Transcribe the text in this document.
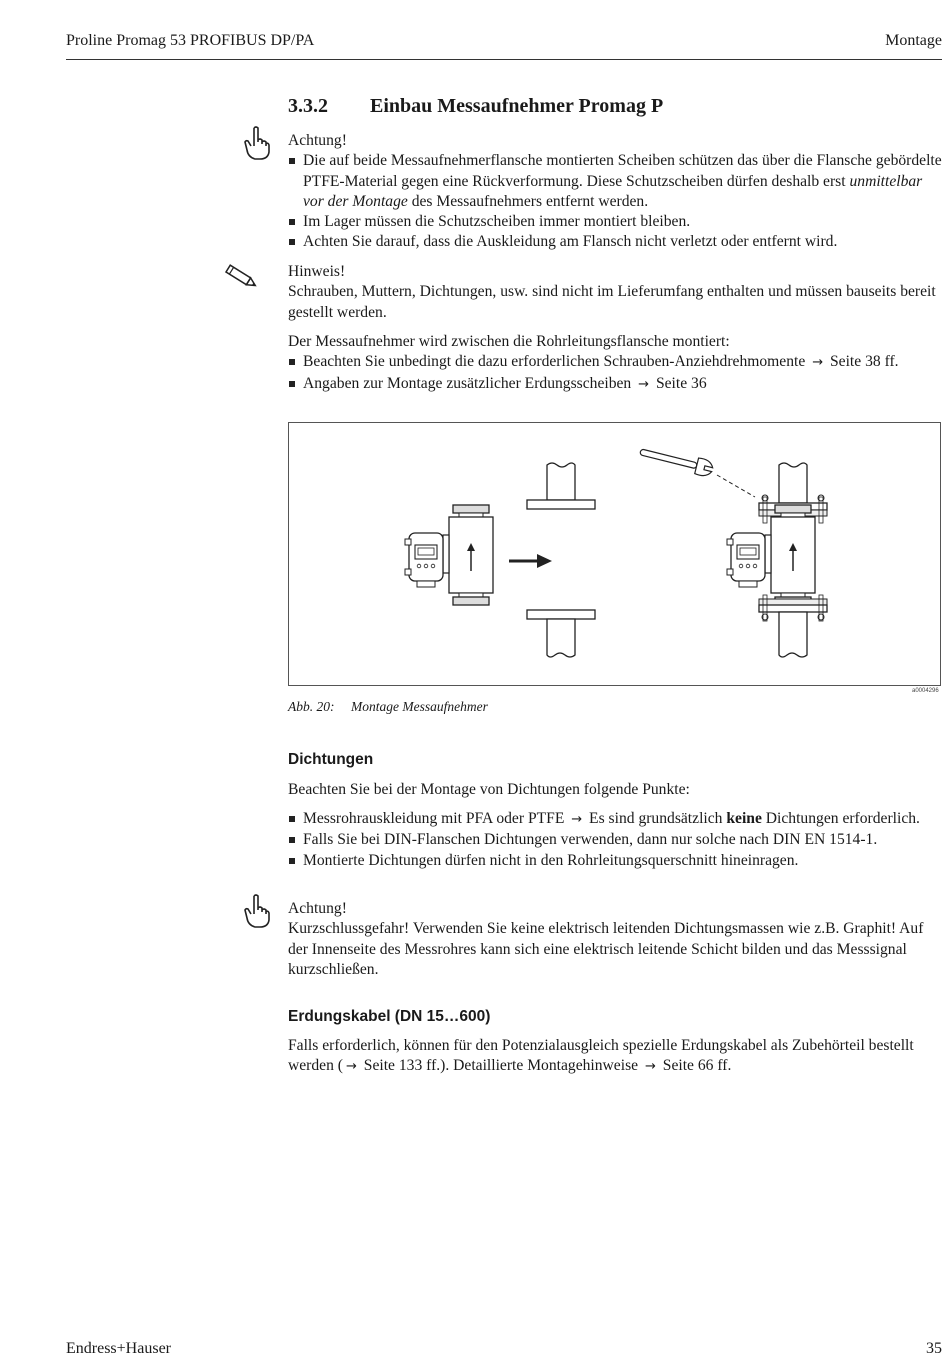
Proline Promag 53 PROFIBUS DP/PA	Montage
3.3.2 Einbau Messaufnehmer Promag P

Achtung!

Die auf beide Messaufnehmerflansche montierten Scheiben schützen das über die Flansche gebördelte PTFE-Material gegen eine Rückverformung. Diese Schutzscheiben dürfen deshalb erst unmittelbar vor der Montage des Messaufnehmers entfernt werden.
Im Lager müssen die Schutzscheiben immer montiert bleiben.
Achten Sie darauf, dass die Auskleidung am Flansch nicht verletzt oder entfernt wird.

Hinweis!

Schrauben, Muttern, Dichtungen, usw. sind nicht im Lieferumfang enthalten und müssen bauseits bereit gestellt werden.

Der Messaufnehmer wird zwischen die Rohrleitungsflansche montiert:

Beachten Sie unbedingt die dazu erforderlichen Schrauben-Anziehdrehmomente → Seite 38 ff.
Angaben zur Montage zusätzlicher Erdungsscheiben → Seite 36
a0004296
Abb. 20: Montage Messaufnehmer
Dichtungen
Beachten Sie bei der Montage von Dichtungen folgende Punkte:
Messrohrauskleidung mit PFA oder PTFE → Es sind grundsätzlich keine Dichtungen erforderlich.
Falls Sie bei DIN-Flanschen Dichtungen verwenden, dann nur solche nach DIN EN 1514-1.
Montierte Dichtungen dürfen nicht in den Rohrleitungsquerschnitt hineinragen.

Achtung!

Kurzschlussgefahr! Verwenden Sie keine elektrisch leitenden Dichtungsmassen wie z.B. Graphit! Auf der Innenseite des Messrohres kann sich eine elektrisch leitende Schicht bilden und das Messsignal kurzschließen.

Erdungskabel (DN 15…600)
Falls erforderlich, können für den Potenzialausgleich spezielle Erdungskabel als Zubehörteil bestellt werden ( → Seite 133 ff.). Detaillierte Montagehinweise → Seite 66 ff.
Endress+Hauser	35
